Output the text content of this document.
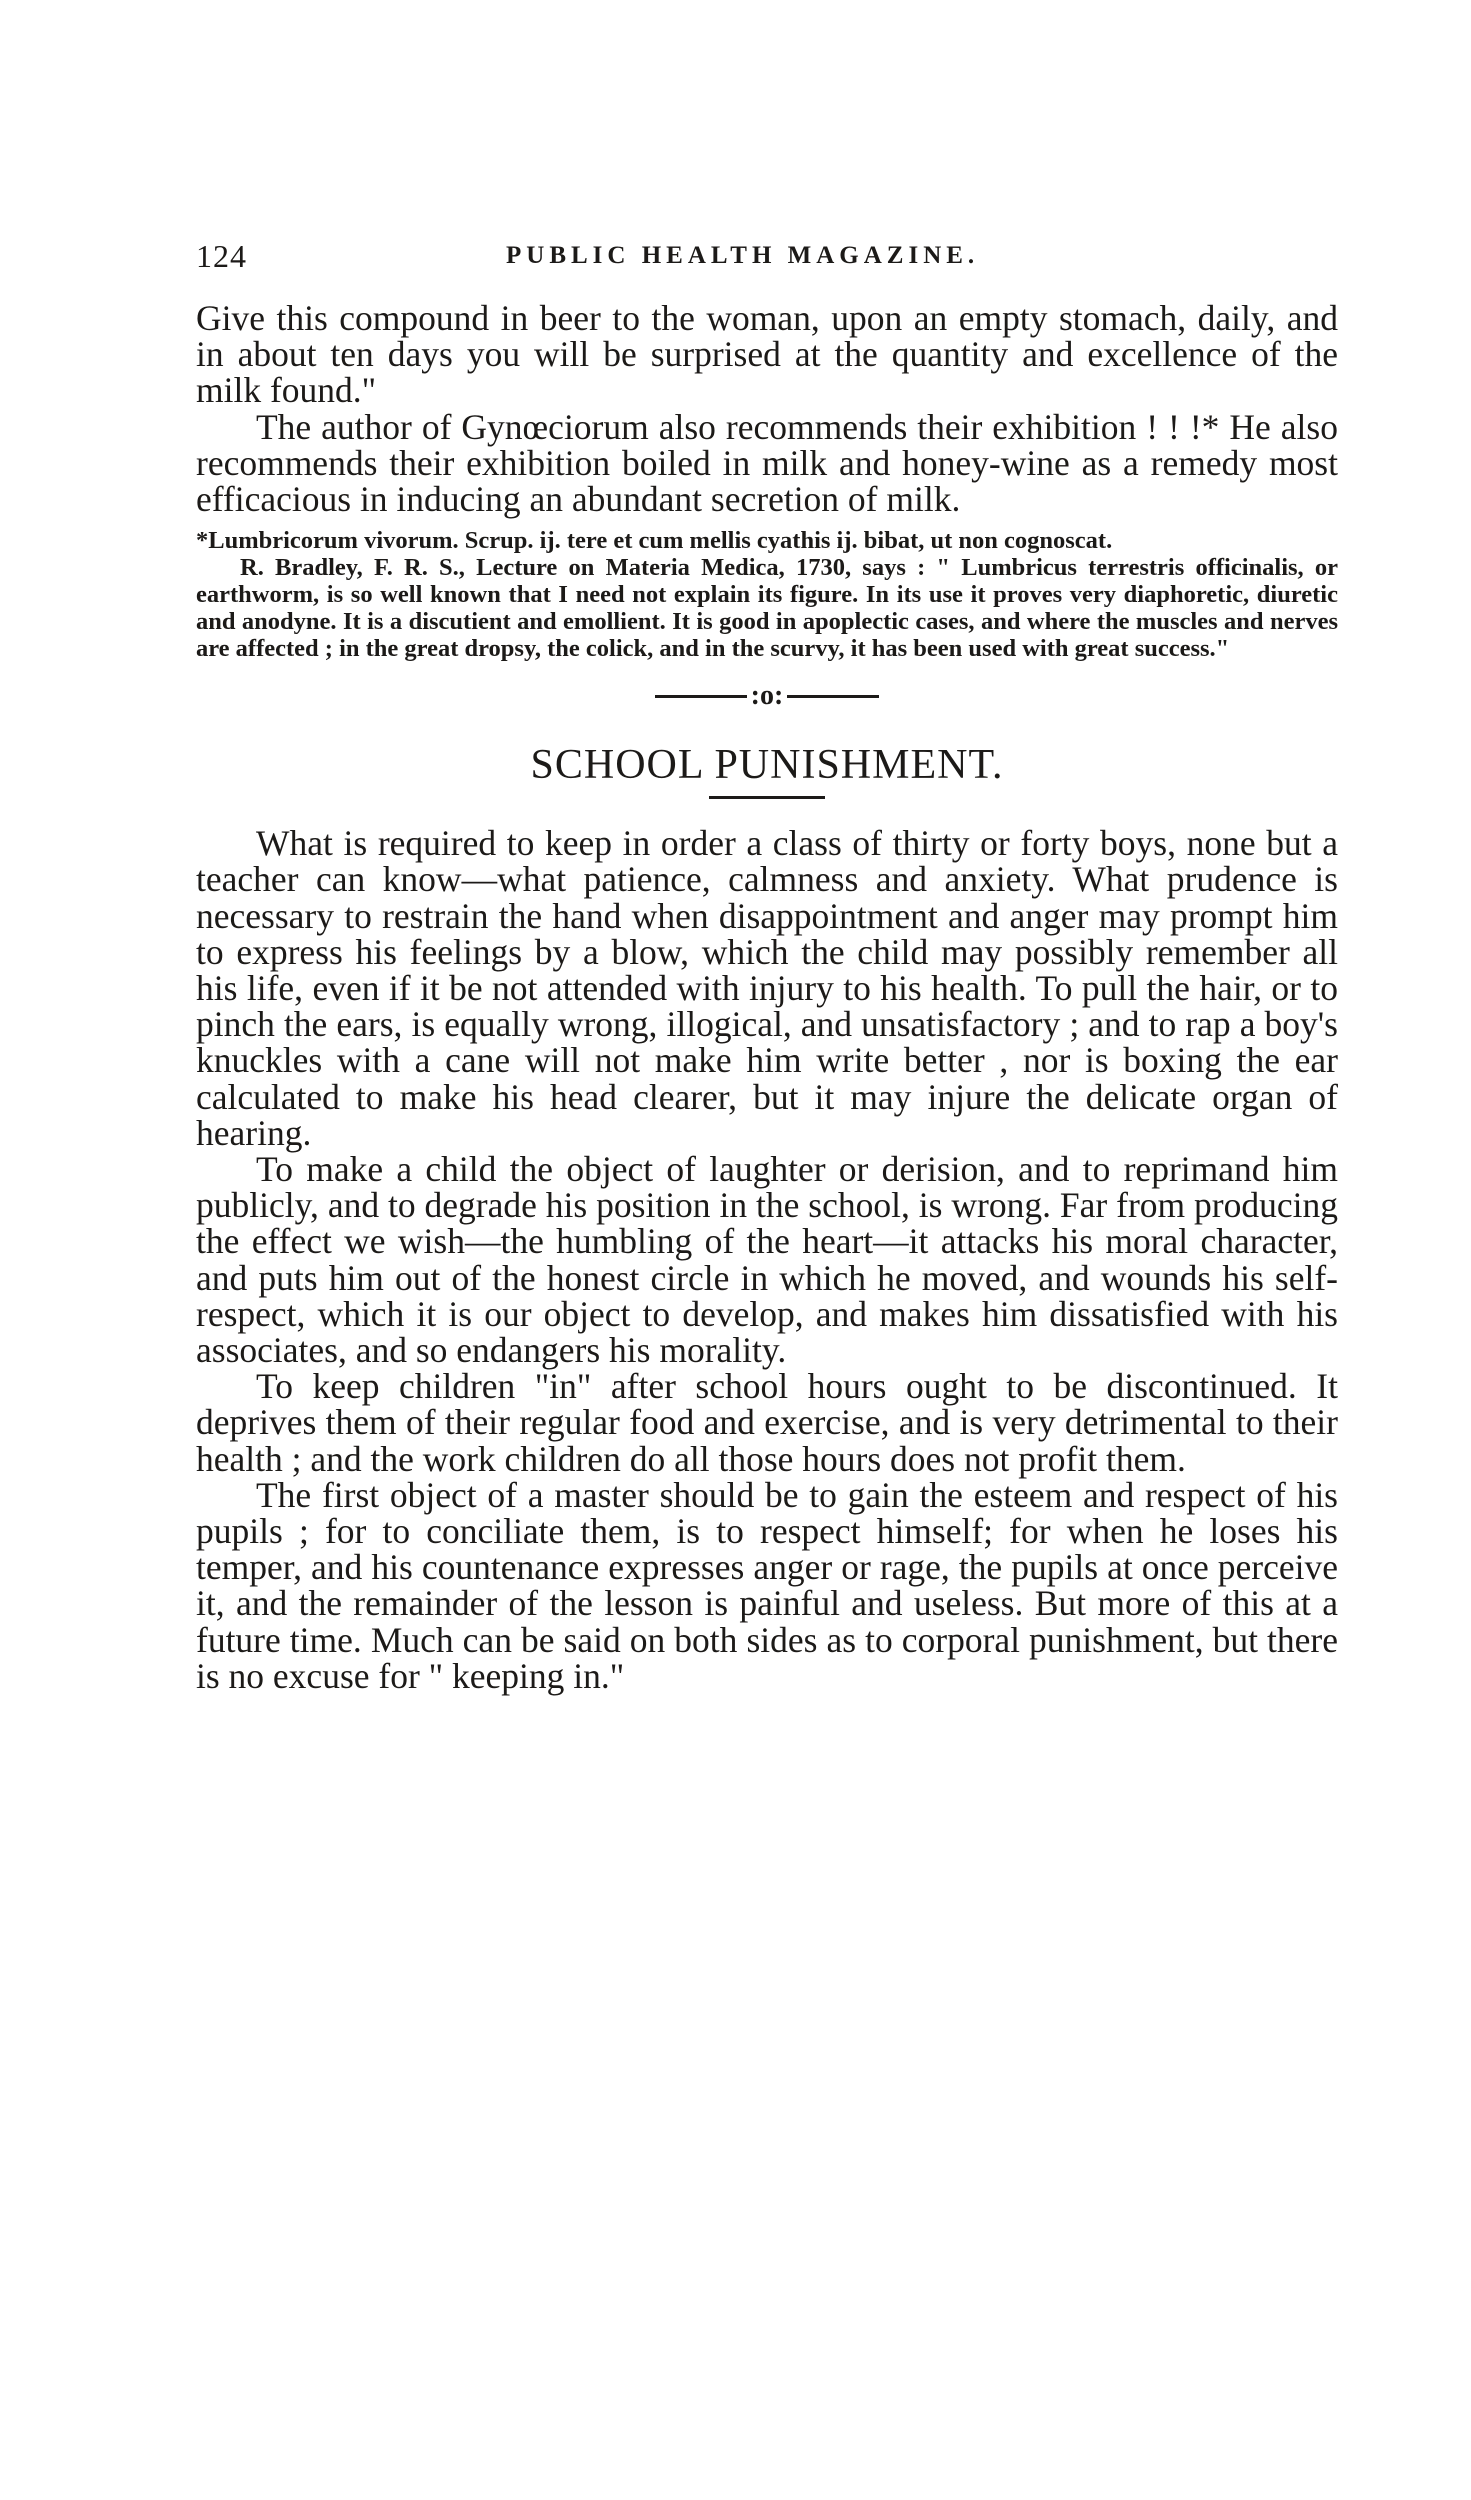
124	PUBLIC HEALTH MAGAZINE.

Give this compound in beer to the woman, upon an empty stomach, daily, and in about ten days you will be surprised at the quantity and excellence of the milk found."

The author of Gynœciorum also recommends their exhibition ! ! !* He also recommends their exhibition boiled in milk and honey-wine as a remedy most efficacious in inducing an abundant secretion of milk.

*Lumbricorum vivorum. Scrup. ij. tere et cum mellis cyathis ij. bibat, ut non cognoscat.

R. Bradley, F. R. S., Lecture on Materia Medica, 1730, says : " Lumbricus terrestris officinalis, or earthworm, is so well known that I need not explain its figure. In its use it proves very diaphoretic, diuretic and anodyne. It is a discutient and emollient. It is good in apoplectic cases, and where the muscles and nerves are affected ; in the great dropsy, the colick, and in the scurvy, it has been used with great success."

:o:
SCHOOL PUNISHMENT.

What is required to keep in order a class of thirty or forty boys, none but a teacher can know—what patience, calmness and anxiety. What prudence is necessary to restrain the hand when disappointment and anger may prompt him to express his feelings by a blow, which the child may possibly remember all his life, even if it be not attended with injury to his health. To pull the hair, or to pinch the ears, is equally wrong, illogical, and unsatisfactory ; and to rap a boy's knuckles with a cane will not make him write better , nor is boxing the ear calculated to make his head clearer, but it may injure the delicate organ of hearing.

To make a child the object of laughter or derision, and to reprimand him publicly, and to degrade his position in the school, is wrong. Far from producing the effect we wish—the humbling of the heart—it attacks his moral character, and puts him out of the honest circle in which he moved, and wounds his self-respect, which it is our object to develop, and makes him dissatisfied with his associates, and so endangers his morality.

To keep children "in" after school hours ought to be discontinued. It deprives them of their regular food and exercise, and is very detrimental to their health ; and the work children do all those hours does not profit them.

The first object of a master should be to gain the esteem and respect of his pupils ; for to conciliate them, is to respect himself; for when he loses his temper, and his countenance expresses anger or rage, the pupils at once perceive it, and the remainder of the lesson is painful and useless. But more of this at a future time. Much can be said on both sides as to corporal punishment, but there is no excuse for " keeping in."
